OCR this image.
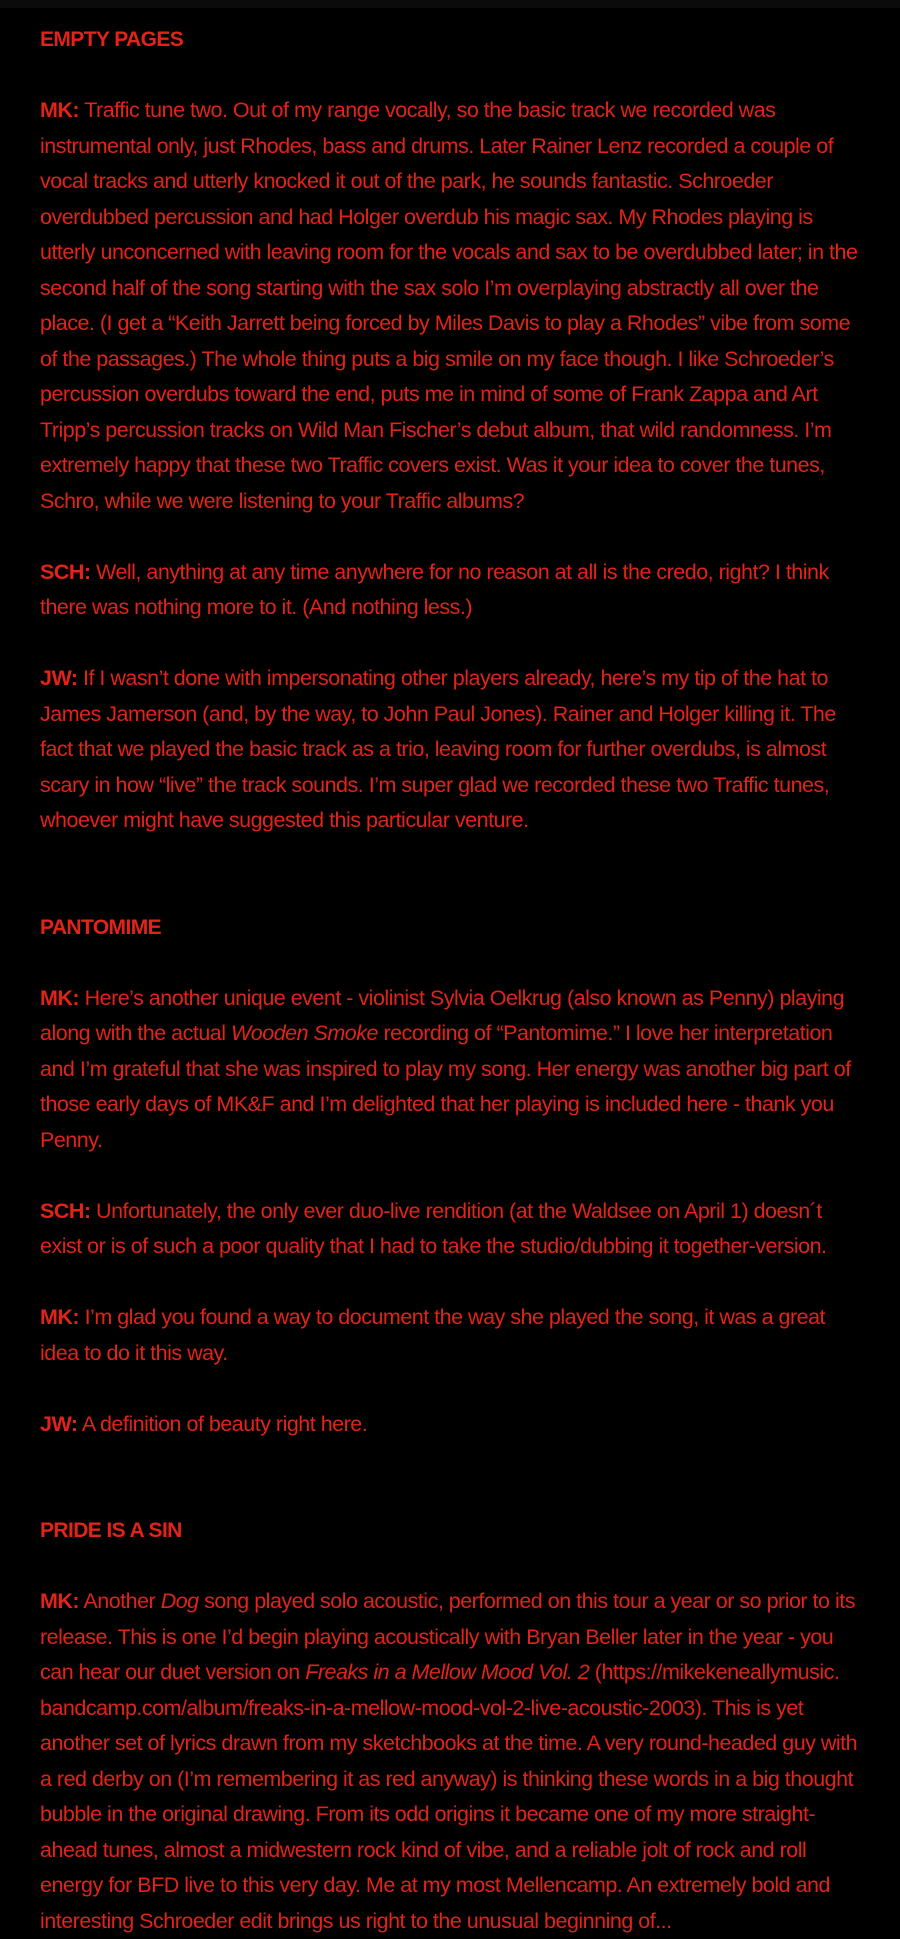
EMPTY PAGES

MK: Traffic tune two. Out of my range vocally, so the basic track we recorded was instrumental only, just Rhodes, bass and drums. Later Rainer Lenz recorded a couple of vocal tracks and utterly knocked it out of the park, he sounds fantastic. Schroeder overdubbed percussion and had Holger overdub his magic sax. My Rhodes playing is utterly unconcerned with leaving room for the vocals and sax to be overdubbed later; in the second half of the song starting with the sax solo I’m overplaying abstractly all over the place. (I get a “Keith Jarrett being forced by Miles Davis to play a Rhodes” vibe from some of the passages.) The whole thing puts a big smile on my face though. I like Schroeder’s percussion overdubs toward the end, puts me in mind of some of Frank Zappa and Art Tripp’s percussion tracks on Wild Man Fischer’s debut album, that wild randomness. I’m extremely happy that these two Traffic covers exist. Was it your idea to cover the tunes, Schro, while we were listening to your Traffic albums?

SCH: Well, anything at any time anywhere for no reason at all is the credo, right? I think there was nothing more to it. (And nothing less.)

JW: If I wasn’t done with impersonating other players already, here’s my tip of the hat to James Jamerson (and, by the way, to John Paul Jones). Rainer and Holger killing it. The fact that we played the basic track as a trio, leaving room for further overdubs, is almost scary in how “live” the track sounds. I’m super glad we recorded these two Traffic tunes, whoever might have suggested this particular venture.

PANTOMIME

MK: Here’s another unique event - violinist Sylvia Oelkrug (also known as Penny) playing along with the actual Wooden Smoke recording of “Pantomime.” I love her interpretation and I’m grateful that she was inspired to play my song. Her energy was another big part of those early days of MK&F and I’m delighted that her playing is included here - thank you Penny.

SCH: Unfortunately, the only ever duo-live rendition (at the Waldsee on April 1) doesn´t exist or is of such a poor quality that I had to take the studio/dubbing it together-version.

MK: I’m glad you found a way to document the way she played the song, it was a great idea to do it this way.

JW: A definition of beauty right here.

PRIDE IS A SIN

MK: Another Dog song played solo acoustic, performed on this tour a year or so prior to its release. This is one I’d begin playing acoustically with Bryan Beller later in the year - you can hear our duet version on Freaks in a Mellow Mood Vol. 2 (https://mikekeneallymusic. bandcamp.com/album/freaks-in-a-mellow-mood-vol-2-live-acoustic-2003). This is yet another set of lyrics drawn from my sketchbooks at the time. A very round-headed guy with a red derby on (I’m remembering it as red anyway) is thinking these words in a big thought bubble in the original drawing. From its odd origins it became one of my more straight-ahead tunes, almost a midwestern rock kind of vibe, and a reliable jolt of rock and roll energy for BFD live to this very day. Me at my most Mellencamp. An extremely bold and interesting Schroeder edit brings us right to the unusual beginning of...
